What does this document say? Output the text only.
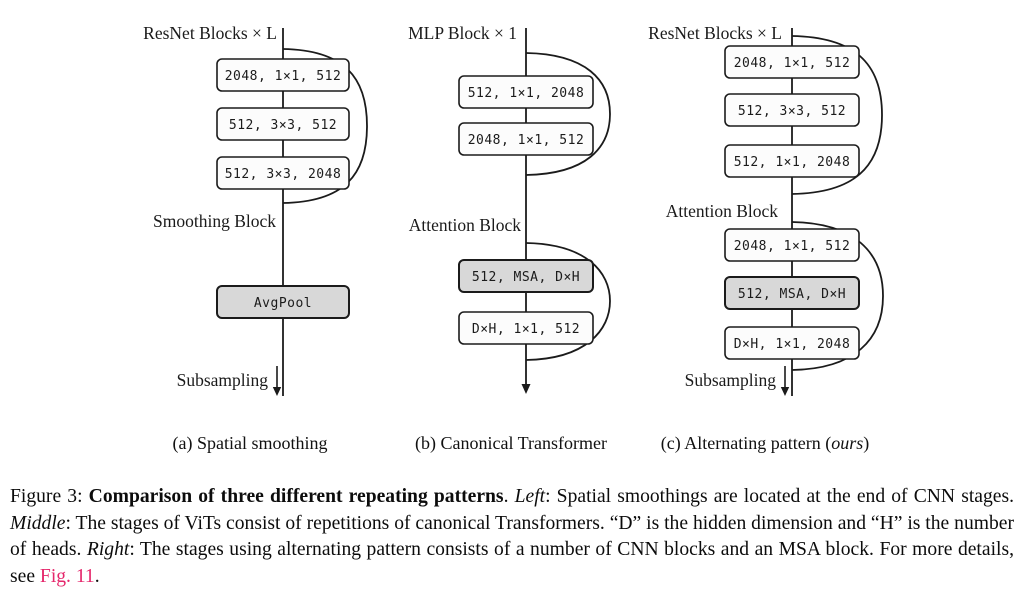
ResNet Blocks × L
2048, 1×1, 512
512, 3×3, 512
512, 3×3, 2048
Smoothing Block
AvgPool
Subsampling
MLP Block × 1
512, 1×1, 2048
2048, 1×1, 512
Attention Block
512, MSA, D×H
D×H, 1×1, 512
ResNet Blocks × L
2048, 1×1, 512
512, 3×3, 512
512, 1×1, 2048
Attention Block
2048, 1×1, 512
512, MSA, D×H
D×H, 1×1, 2048
Subsampling
(a) Spatial smoothing	(b) Canonical Transformer	(c) Alternating pattern (ours)
Figure 3: Comparison of three different repeating patterns. Left: Spatial smoothings are located at the end of CNN stages. Middle: The stages of ViTs consist of repetitions of canonical Transformers. “D” is the hidden dimension and “H” is the number of heads. Right: The stages using alternating pattern consists of a number of CNN blocks and an MSA block. For more details, see Fig. 11.
